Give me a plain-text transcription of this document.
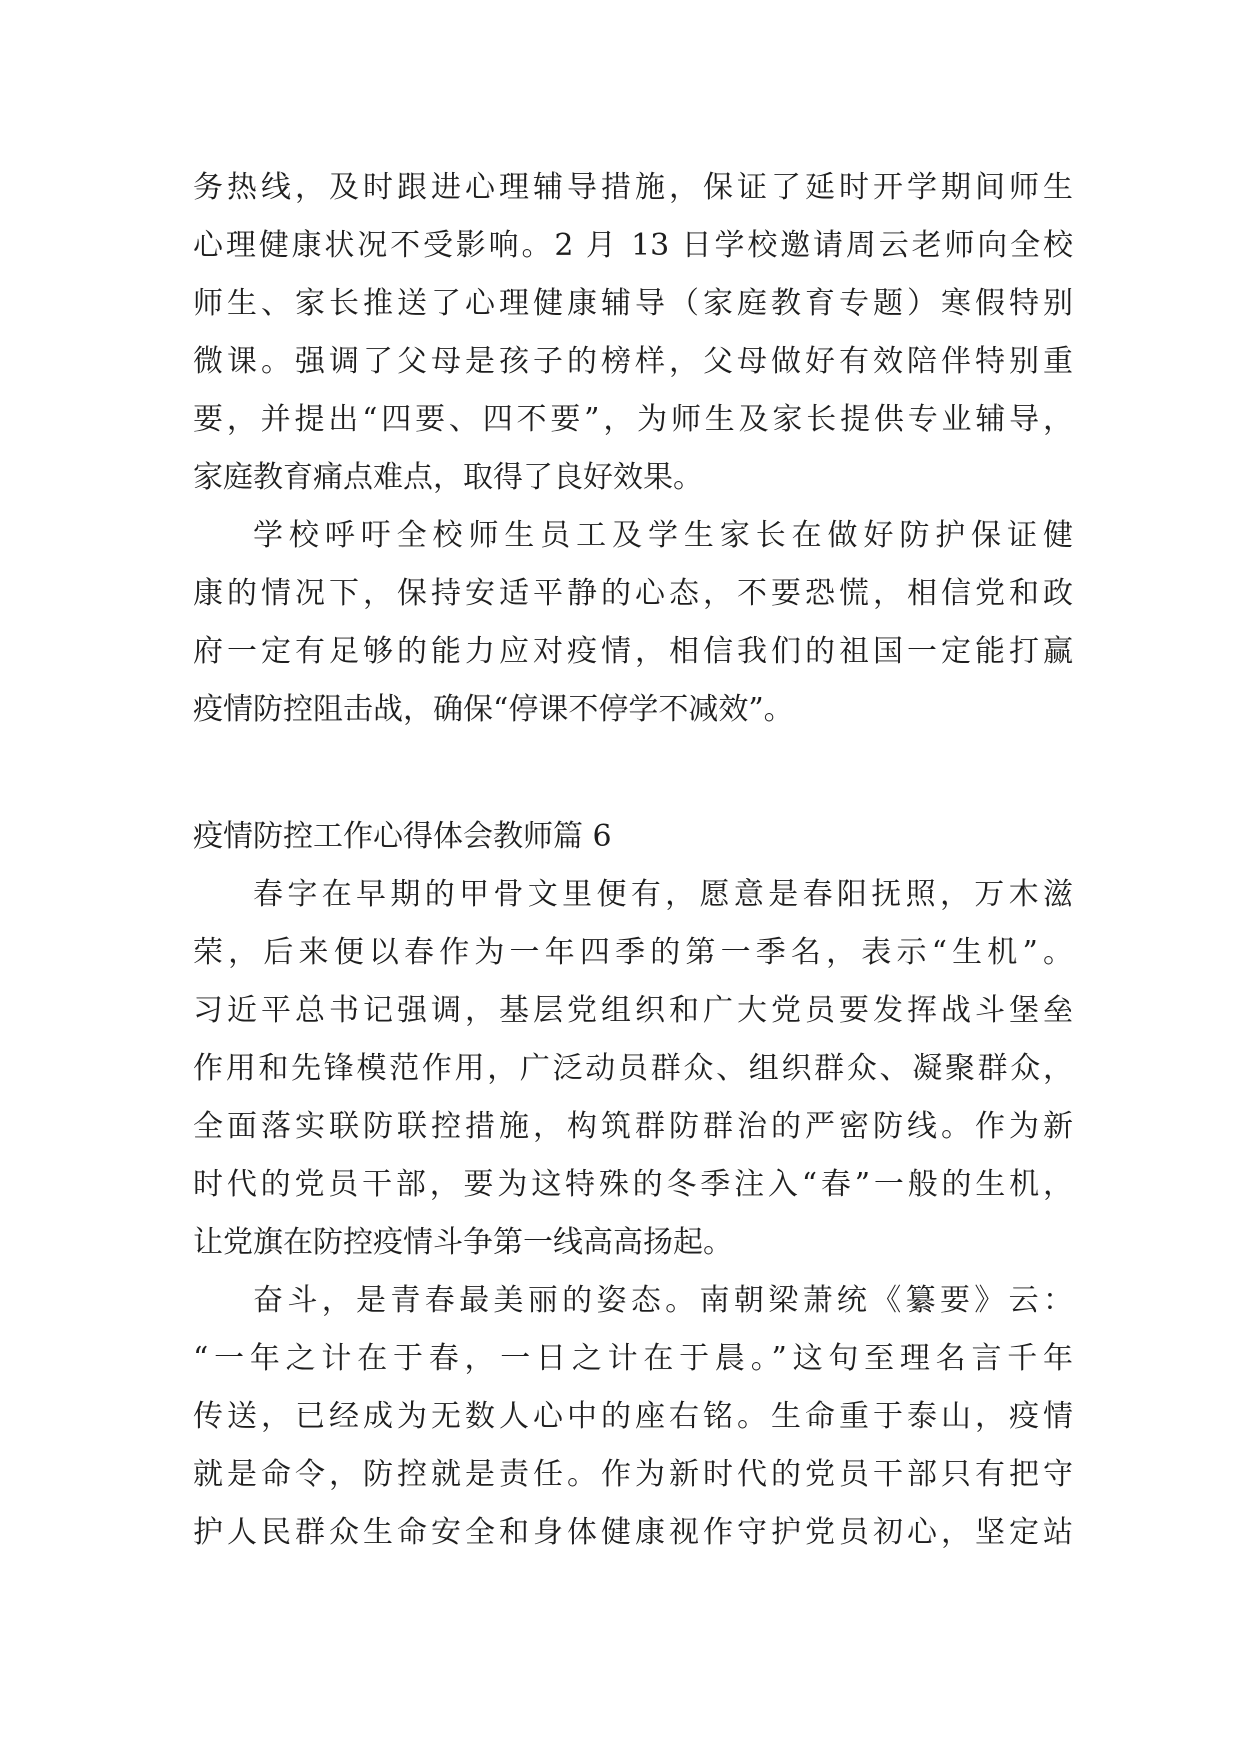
务热线，及时跟进心理辅导措施，保证了延时开学期间师生
心理健康状况不受影响。2 月 13 日学校邀请周云老师向全校
师生、家长推送了心理健康辅导（家庭教育专题）寒假特别
微课。强调了父母是孩子的榜样，父母做好有效陪伴特别重
要，并提出“四要、四不要”，为师生及家长提供专业辅导，
家庭教育痛点难点，取得了良好效果。
学校呼吁全校师生员工及学生家长在做好防护保证健
康的情况下，保持安适平静的心态，不要恐慌，相信党和政
府一定有足够的能力应对疫情，相信我们的祖国一定能打赢
疫情防控阻击战，确保“停课不停学不减效”。
疫情防控工作心得体会教师篇 6
春字在早期的甲骨文里便有，愿意是春阳抚照，万木滋
荣，后来便以春作为一年四季的第一季名，表示“生机”。
习近平总书记强调，基层党组织和广大党员要发挥战斗堡垒
作用和先锋模范作用，广泛动员群众、组织群众、凝聚群众，
全面落实联防联控措施，构筑群防群治的严密防线。作为新
时代的党员干部，要为这特殊的冬季注入“春”一般的生机，
让党旗在防控疫情斗争第一线高高扬起。
奋斗，是青春最美丽的姿态。南朝梁萧统《纂要》云：
“一年之计在于春，一日之计在于晨。”这句至理名言千年
传送，已经成为无数人心中的座右铭。生命重于泰山，疫情
就是命令，防控就是责任。作为新时代的党员干部只有把守
护人民群众生命安全和身体健康视作守护党员初心，坚定站
